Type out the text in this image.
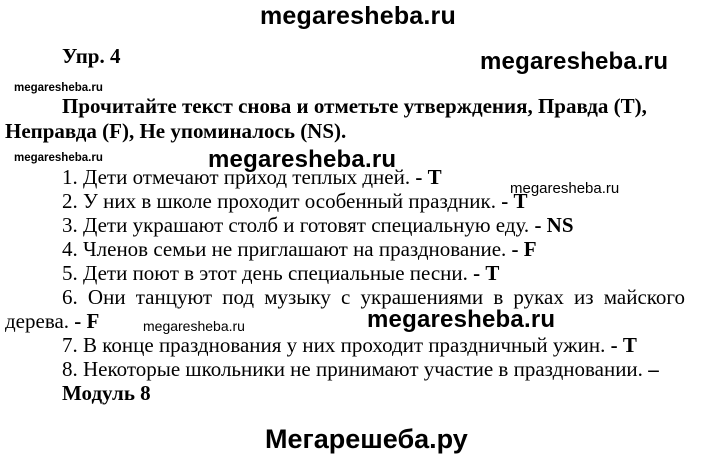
megaresheba.ru
megaresheba.ru
megaresheba.ru
megaresheba.ru	megaresheba.ru
megaresheba.ru
megaresheba.ru	megaresheba.ru
Упр. 4
Прочитайте текст снова и отметьте утверждения, Правда (T),
Неправда (F), Не упоминалось (NS).
1. Дети отмечают приход теплых дней. - T
2. У них в школе проходит особенный праздник. - T
3. Дети украшают столб и готовят специальную еду. - NS
4. Членов семьи не приглашают на празднование. - F
5. Дети поют в этот день специальные песни. - T
6. Они танцуют под музыку с украшениями в руках из майского
дерева. - F
7. В конце празднования у них проходит праздничный ужин. - T
8. Некоторые школьники не принимают участие в праздновании. –
Модуль 8
Мегарешеба.ру
